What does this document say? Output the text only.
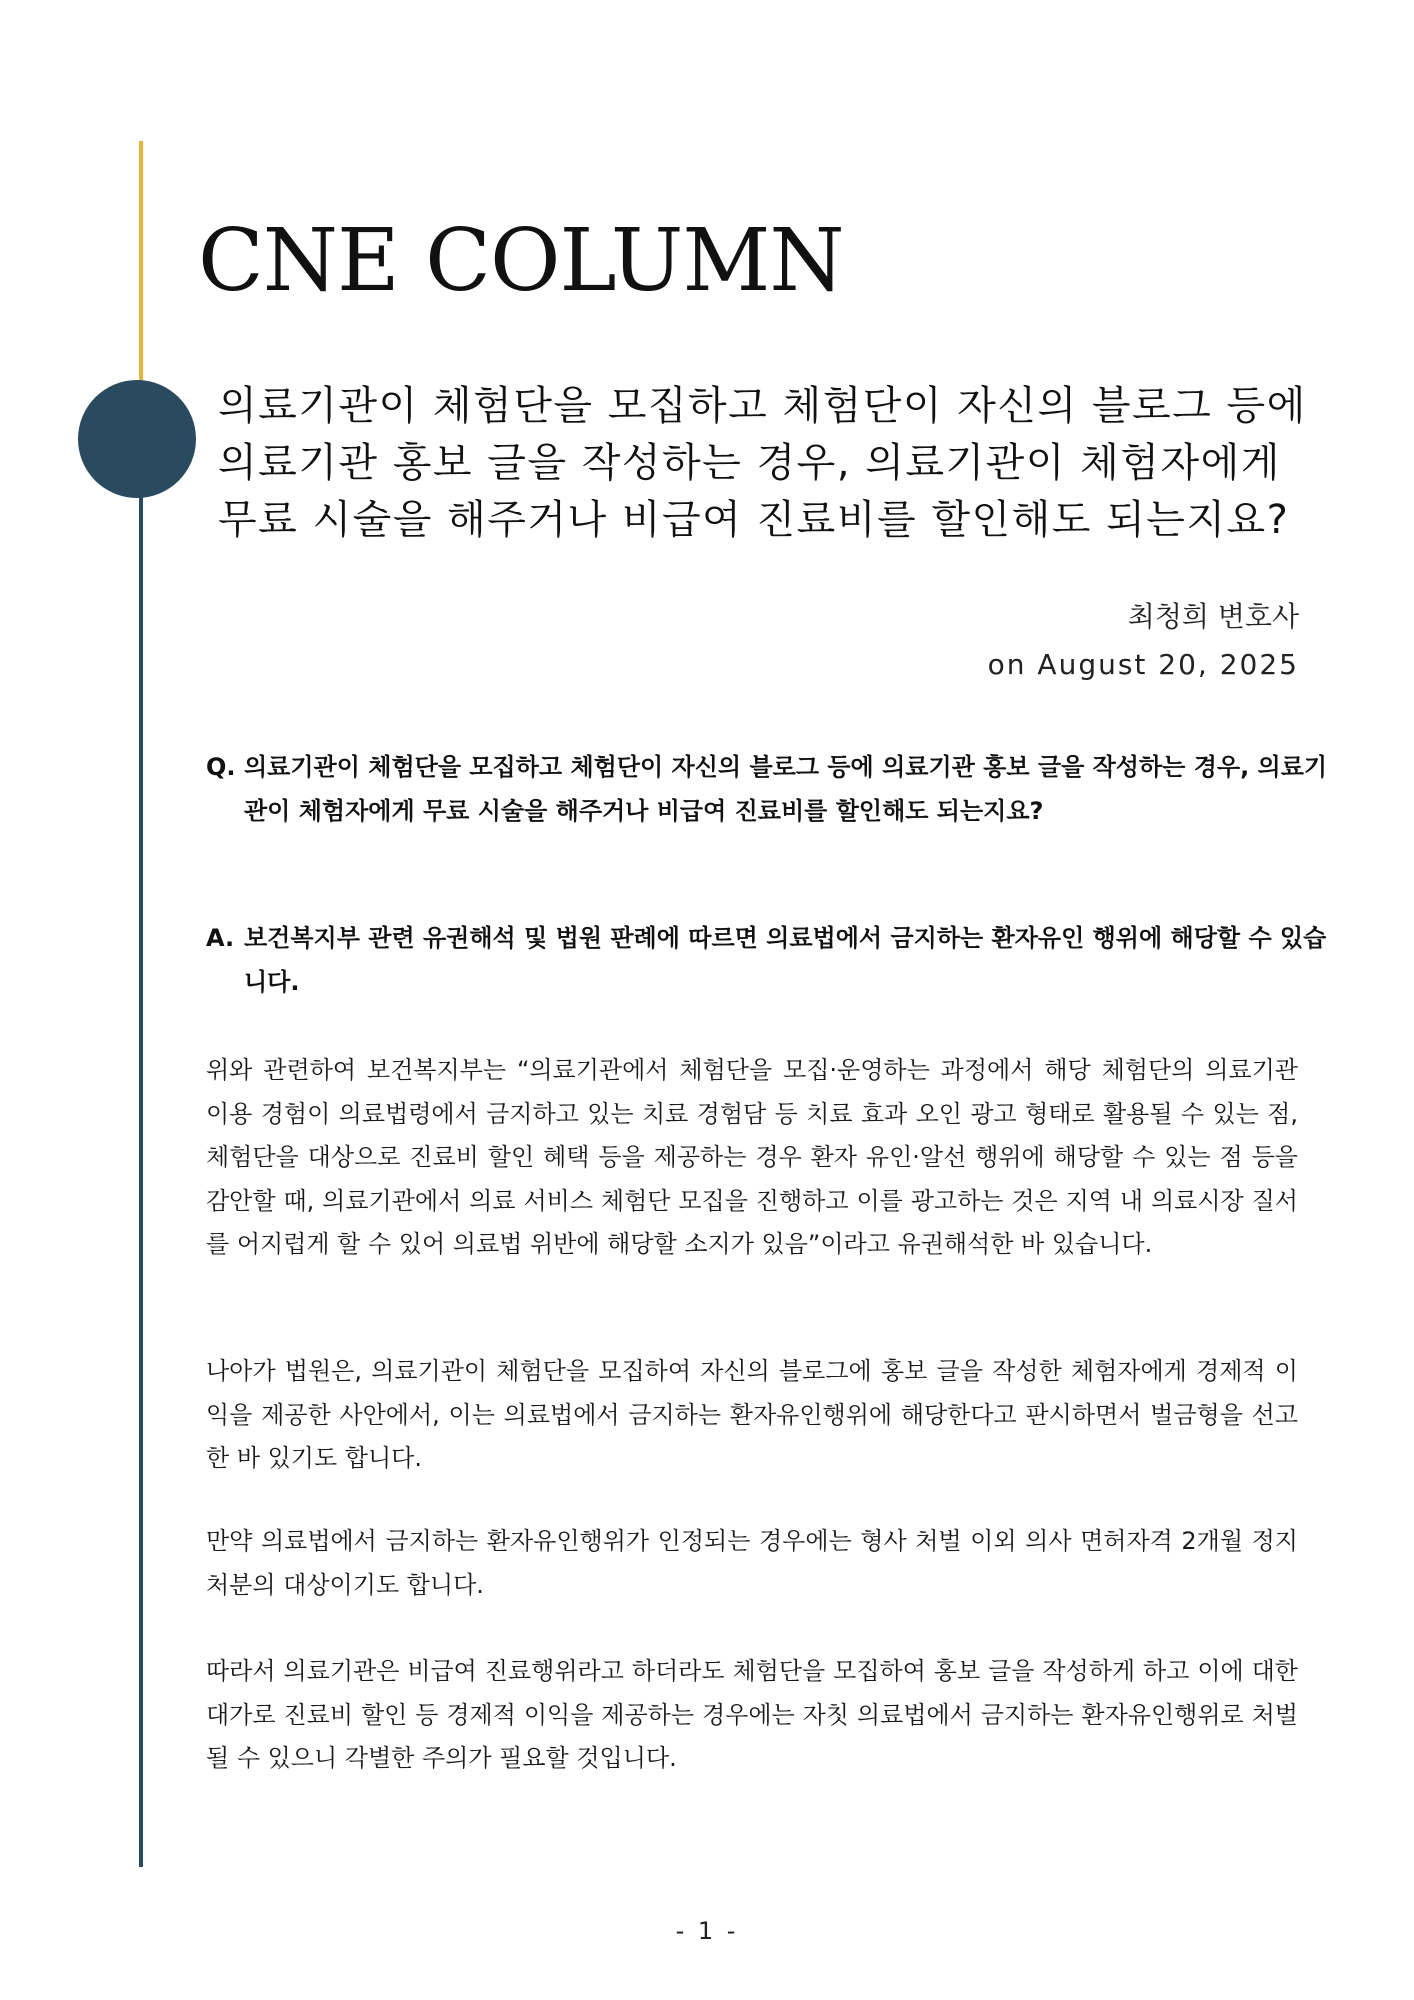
CNE COLUMN
의료기관이 체험단을 모집하고 체험단이 자신의 블로그 등에 의료기관 홍보 글을 작성하는 경우, 의료기관이 체험자에게 무료 시술을 해주거나 비급여 진료비를 할인해도 되는지요?
최청희 변호사
on August 20, 2025
Q. 의료기관이 체험단을 모집하고 체험단이 자신의 블로그 등에 의료기관 홍보 글을 작성하는 경우, 의료기관이 체험자에게 무료 시술을 해주거나 비급여 진료비를 할인해도 되는지요?
A. 보건복지부 관련 유권해석 및 법원 판례에 따르면 의료법에서 금지하는 환자유인 행위에 해당할 수 있습니다.

위와 관련하여 보건복지부는 “의료기관에서 체험단을 모집·운영하는 과정에서 해당 체험단의 의료기관 이용 경험이 의료법령에서 금지하고 있는 치료 경험담 등 치료 효과 오인 광고 형태로 활용될 수 있는 점, 체험단을 대상으로 진료비 할인 혜택 등을 제공하는 경우 환자 유인·알선 행위에 해당할 수 있는 점 등을 감안할 때, 의료기관에서 의료 서비스 체험단 모집을 진행하고 이를 광고하는 것은 지역 내 의료시장 질서를 어지럽게 할 수 있어 의료법 위반에 해당할 소지가 있음”이라고 유권해석한 바 있습니다.

나아가 법원은, 의료기관이 체험단을 모집하여 자신의 블로그에 홍보 글을 작성한 체험자에게 경제적 이익을 제공한 사안에서, 이는 의료법에서 금지하는 환자유인행위에 해당한다고 판시하면서 벌금형을 선고한 바 있기도 합니다.

만약 의료법에서 금지하는 환자유인행위가 인정되는 경우에는 형사 처벌 이외 의사 면허자격 2개월 정지 처분의 대상이기도 합니다.

따라서 의료기관은 비급여 진료행위라고 하더라도 체험단을 모집하여 홍보 글을 작성하게 하고 이에 대한 대가로 진료비 할인 등 경제적 이익을 제공하는 경우에는 자칫 의료법에서 금지하는 환자유인행위로 처벌될 수 있으니 각별한 주의가 필요할 것입니다.

- 1 -
